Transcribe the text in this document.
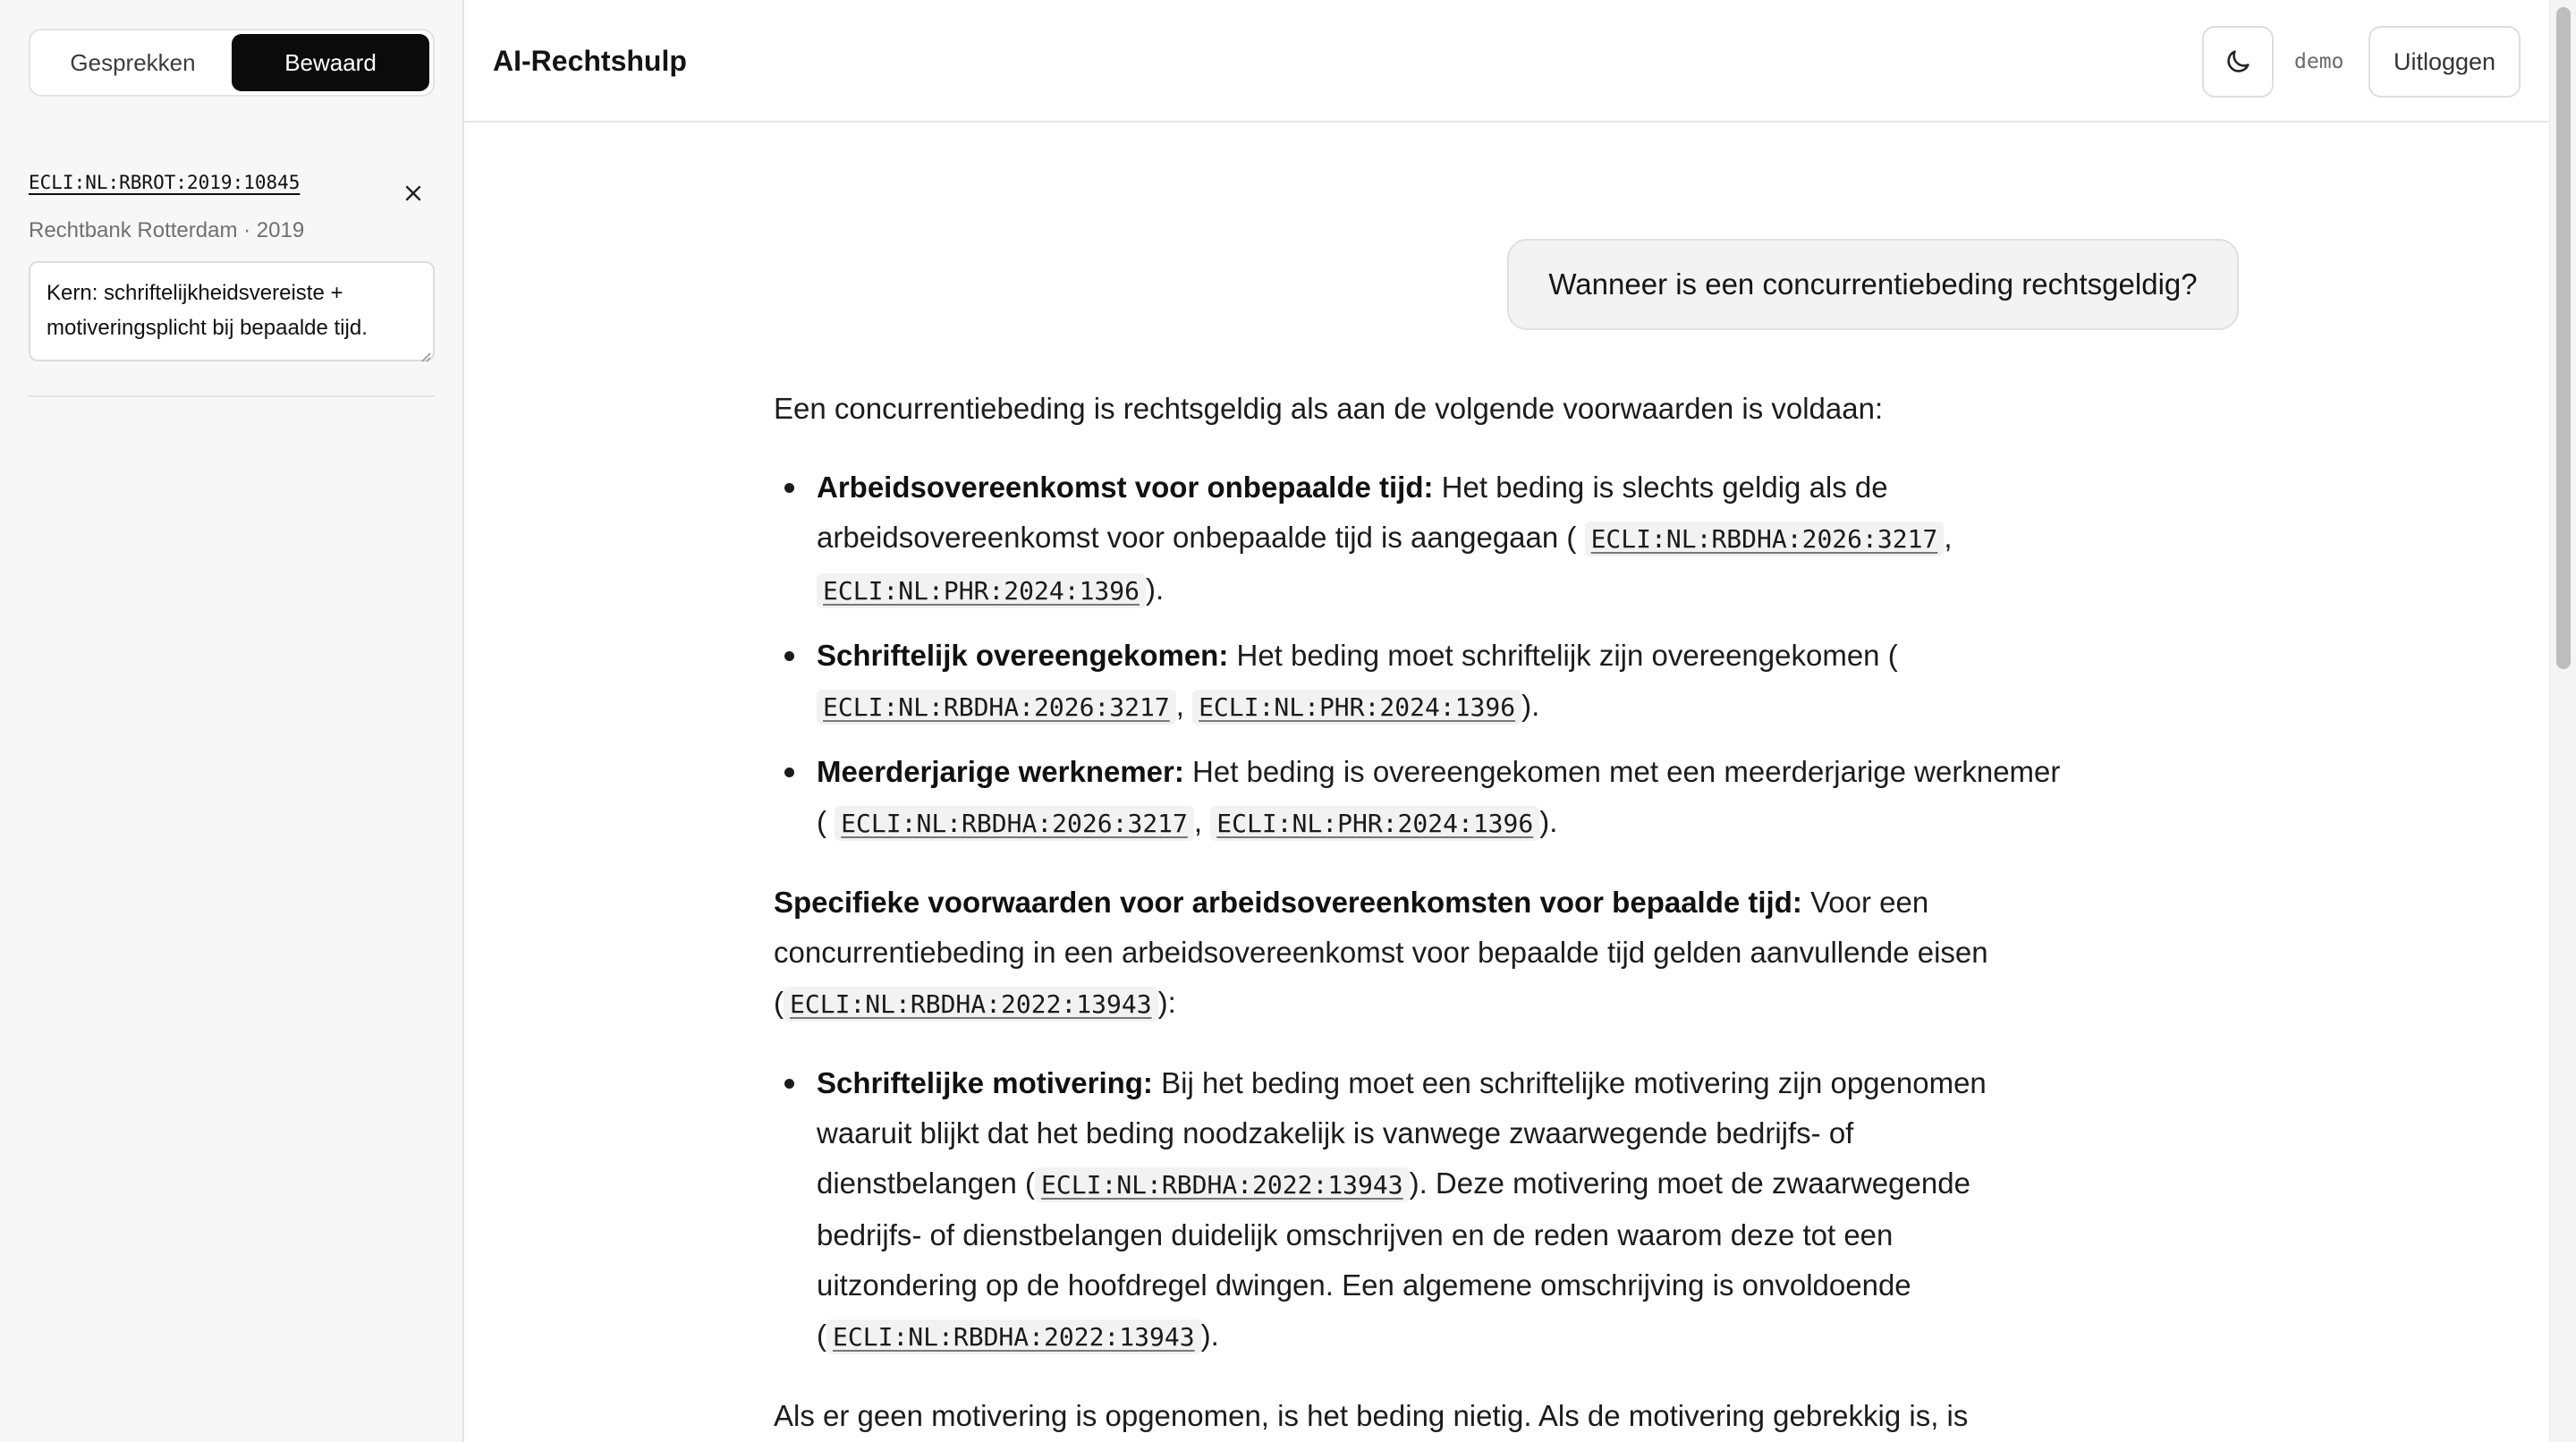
Gesprekken	Bewaard
ECLI:NL:RBROT:2019:10845
Rechtbank Rotterdam · 2019
Kern: schriftelijkheidsvereiste + motiveringsplicht bij bepaalde tijd.
AI-Rechtshulp	demo	Uitloggen
Wanneer is een concurrentiebeding rechtsgeldig?

Een concurrentiebeding is rechtsgeldig als aan de volgende voorwaarden is voldaan:

Arbeidsovereenkomst voor onbepaalde tijd: Het beding is slechts geldig als de arbeidsovereenkomst voor onbepaalde tijd is aangegaan ( ECLI:NL:RBDHA:2026:3217 , ECLI:NL:PHR:2024:1396 ).
Schriftelijk overeengekomen: Het beding moet schriftelijk zijn overeengekomen ( ECLI:NL:RBDHA:2026:3217 , ECLI:NL:PHR:2024:1396 ).
Meerderjarige werknemer: Het beding is overeengekomen met een meerderjarige werknemer ( ECLI:NL:RBDHA:2026:3217 , ECLI:NL:PHR:2024:1396 ).

Specifieke voorwaarden voor arbeidsovereenkomsten voor bepaalde tijd: Voor een concurrentiebeding in een arbeidsovereenkomst voor bepaalde tijd gelden aanvullende eisen ( ECLI:NL:RBDHA:2022:13943 ):

Schriftelijke motivering: Bij het beding moet een schriftelijke motivering zijn opgenomen waaruit blijkt dat het beding noodzakelijk is vanwege zwaarwegende bedrijfs- of dienstbelangen ( ECLI:NL:RBDHA:2022:13943 ). Deze motivering moet de zwaarwegende bedrijfs- of dienstbelangen duidelijk omschrijven en de reden waarom deze tot een uitzondering op de hoofdregel dwingen. Een algemene omschrijving is onvoldoende ( ECLI:NL:RBDHA:2022:13943 ).

Als er geen motivering is opgenomen, is het beding nietig. Als de motivering gebrekkig is, is
